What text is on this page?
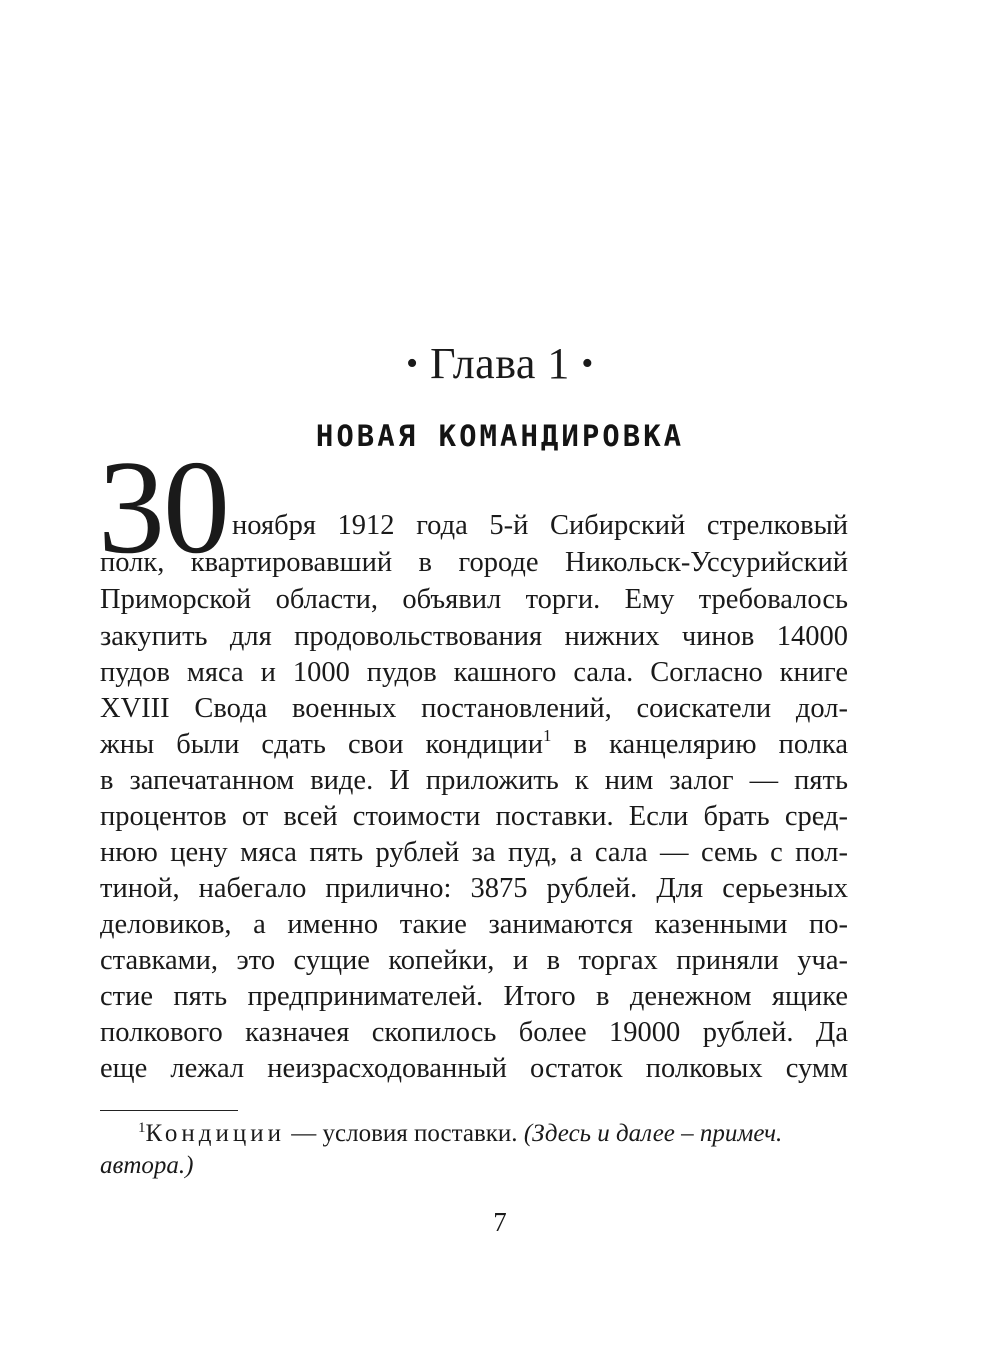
• Глава 1 •
НОВАЯ КОМАНДИРОВКА
30 ноября 1912 года 5-й Сибирский стрелковый
полк, квартировавший в городе Никольск-Уссурийский
Приморской области, объявил торги. Ему требовалось
закупить для продовольствования нижних чинов 14000
пудов мяса и 1000 пудов кашного сала. Согласно книге
XVIII Свода военных постановлений, соискатели дол-
жны были сдать свои кондиции$^1$ в канцелярию полка
в запечатанном виде. И приложить к ним залог — пять
процентов от всей стоимости поставки. Если брать сред-
нюю цену мяса пять рублей за пуд, а сала — семь с пол-
тиной, набегало прилично: 3875 рублей. Для серьезных
деловиков, а именно такие занимаются казенными по-
ставками, это сущие копейки, и в торгах приняли уча-
стие пять предпринимателей. Итого в денежном ящике
полкового казначея скопилось более 19000 рублей. Да
еще лежал неизрасходованный остаток полковых сумм
$^1$Кондиции — условия поставки. (Здесь и далее – примеч.
автора.)
7
